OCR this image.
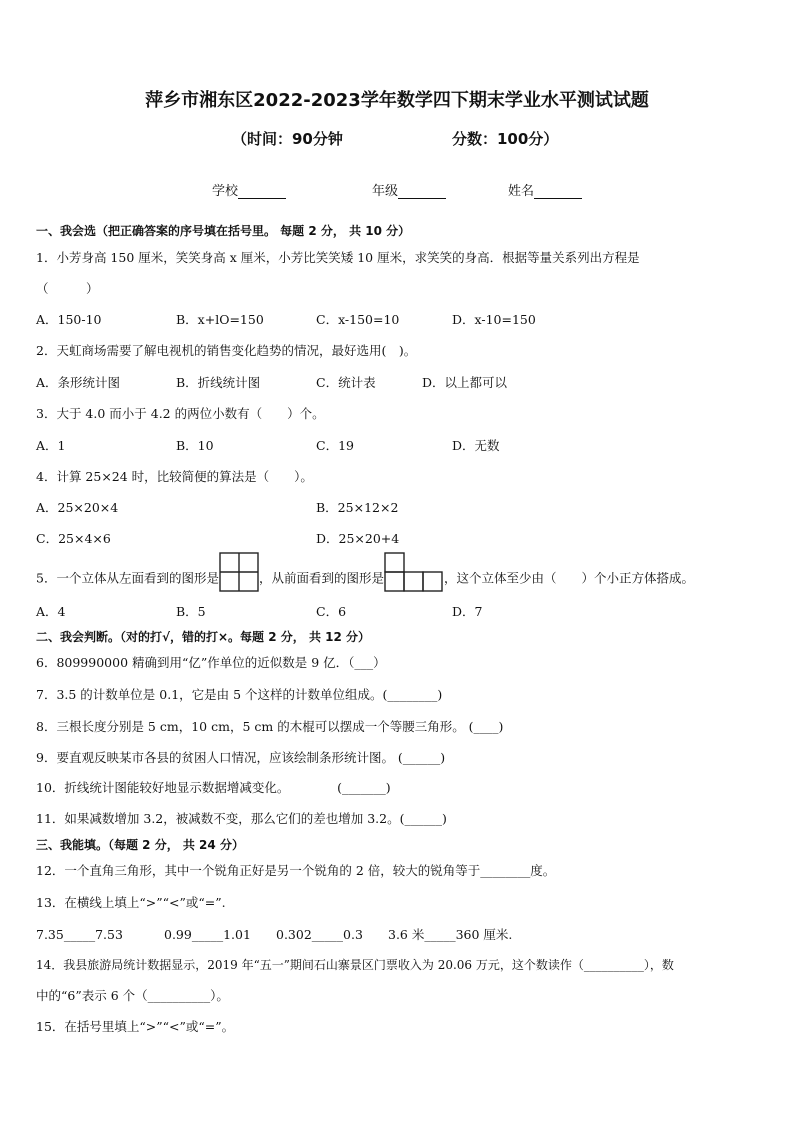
萍乡市湘东区2022-2023学年数学四下期末学业水平测试试题
（时间：90分钟	分数：100分）
学校	年级	姓名
一、我会选（把正确答案的序号填在括号里。 每题 2 分， 共 10 分）
1．小芳身高 150 厘米，笑笑身高 x 厘米，小芳比笑笑矮 10 厘米，求笑笑的身高．根据等量关系列出方程是
（　　　）
A．150-10	B．x+lO=150	C．x-150=10	D．x-10=150
2．天虹商场需要了解电视机的销售变化趋势的情况，最好选用(　)。
A．条形统计图	B．折线统计图	C．统计表	D．以上都可以
3．大于 4.0 而小于 4.2 的两位小数有（　　）个。
A．1	B．10	C．19	D．无数
4．计算 25×24 时，比较简便的算法是（　　）。
A．25×20×4	B．25×12×2
C．25×4×6	D．25×20+4
5．一个立体从左面看到的图形是	，从前面看到的图形是	，这个立体至少由（　　）个小正方体搭成。
A．4	B．5	C．6	D．7
二、我会判断。（对的打√，错的打×。每题 2 分， 共 12 分）
6．809990000 精确到用“亿”作单位的近似数是 9 亿．（___）
7．3.5 的计数单位是 0.1，它是由 5 个这样的计数单位组成。(________)
8．三根长度分别是 5 cm，10 cm，5 cm 的木棍可以摆成一个等腰三角形。 (____)
9．要直观反映某市各县的贫困人口情况，应该绘制条形统计图。 (______)
10．折线统计图能较好地显示数据增减变化。　　　　 (_______)
11．如果减数增加 3.2，被减数不变，那么它们的差也增加 3.2。(______)
三、我能填。（每题 2 分， 共 24 分）
12．一个直角三角形，其中一个锐角正好是另一个锐角的 2 倍，较大的锐角等于________度。
13．在横线上填上“>”“<”或“=”.
7.35_____7.53	0.99_____1.01 0.302_____0.3 3.6 米_____360 厘米.
14．我县旅游局统计数据显示，2019 年“五一”期间石山寨景区门票收入为 20.06 万元，这个数读作（__________），数
中的“6”表示 6 个（__________）。
15．在括号里填上“>”“<”或“=”。
